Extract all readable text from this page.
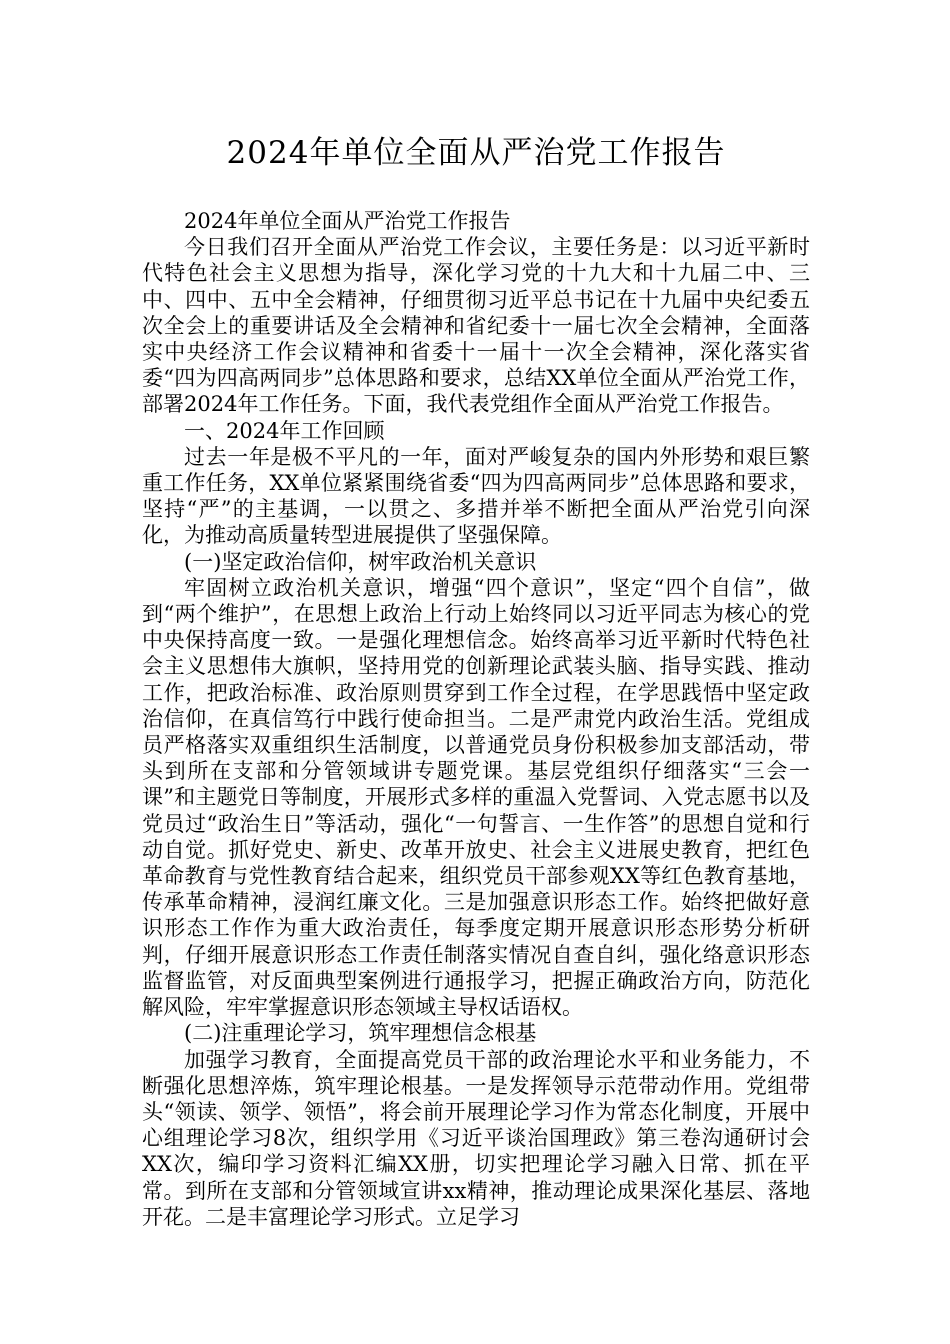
2024年单位全面从严治党工作报告

2024年单位全面从严治党工作报告

今日我们召开全面从严治党工作会议，主要任务是：以习近平新时代特色社会主义思想为指导，深化学习党的十九大和十九届二中、三中、四中、五中全会精神，仔细贯彻习近平总书记在十九届中央纪委五次全会上的重要讲话及全会精神和省纪委十一届七次全会精神，全面落实中央经济工作会议精神和省委十一届十一次全会精神，深化落实省委“四为四高两同步”总体思路和要求，总结XX单位全面从严治党工作，部署2024年工作任务。下面，我代表党组作全面从严治党工作报告。

一、2024年工作回顾

过去一年是极不平凡的一年，面对严峻复杂的国内外形势和艰巨繁重工作任务，XX单位紧紧围绕省委“四为四高两同步”总体思路和要求，坚持“严”的主基调，一以贯之、多措并举不断把全面从严治党引向深化，为推动高质量转型进展提供了坚强保障。

(一)坚定政治信仰，树牢政治机关意识

牢固树立政治机关意识，增强“四个意识”，坚定“四个自信”，做到“两个维护”，在思想上政治上行动上始终同以习近平同志为核心的党中央保持高度一致。一是强化理想信念。始终高举习近平新时代特色社会主义思想伟大旗帜，坚持用党的创新理论武装头脑、指导实践、推动工作，把政治标准、政治原则贯穿到工作全过程，在学思践悟中坚定政治信仰，在真信笃行中践行使命担当。二是严肃党内政治生活。党组成员严格落实双重组织生活制度，以普通党员身份积极参加支部活动，带头到所在支部和分管领域讲专题党课。基层党组织仔细落实“三会一课”和主题党日等制度，开展形式多样的重温入党誓词、入党志愿书以及党员过“政治生日”等活动，强化“一句誓言、一生作答”的思想自觉和行动自觉。抓好党史、新史、改革开放史、社会主义进展史教育，把红色革命教育与党性教育结合起来，组织党员干部参观XX等红色教育基地，传承革命精神，浸润红廉文化。三是加强意识形态工作。始终把做好意识形态工作作为重大政治责任，每季度定期开展意识形态形势分析研判，仔细开展意识形态工作责任制落实情况自查自纠，强化络意识形态监督监管，对反面典型案例进行通报学习，把握正确政治方向，防范化解风险，牢牢掌握意识形态领域主导权话语权。

(二)注重理论学习，筑牢理想信念根基

加强学习教育，全面提高党员干部的政治理论水平和业务能力，不断强化思想淬炼，筑牢理论根基。一是发挥领导示范带动作用。党组带头“领读、领学、领悟”，将会前开展理论学习作为常态化制度，开展中心组理论学习8次，组织学用《习近平谈治国理政》第三卷沟通研讨会XX次，编印学习资料汇编XX册，切实把理论学习融入日常、抓在平常。到所在支部和分管领域宣讲xx精神，推动理论成果深化基层、落地开花。二是丰富理论学习形式。立足学习
